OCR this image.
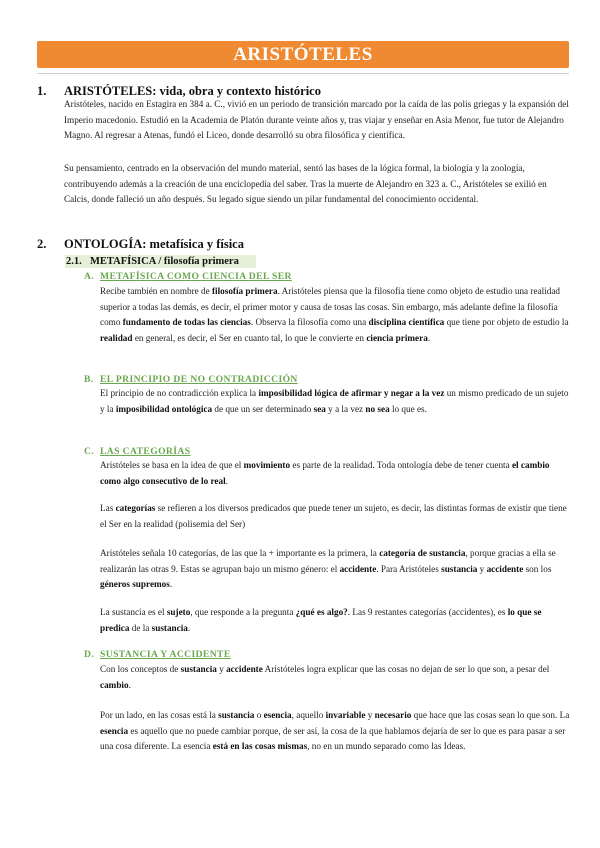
ARISTÓTELES
1. ARISTÓTELES: vida, obra y contexto histórico

Aristóteles, nacido en Estagira en 384 a. C., vivió en un periodo de transición marcado por la caída de las polis griegas y la expansión del Imperio macedonio. Estudió en la Academia de Platón durante veinte años y, tras viajar y enseñar en Asia Menor, fue tutor de Alejandro Magno. Al regresar a Atenas, fundó el Liceo, donde desarrolló su obra filosófica y científica.

Su pensamiento, centrado en la observación del mundo material, sentó las bases de la lógica formal, la biología y la zoología, contribuyendo además a la creación de una enciclopedia del saber. Tras la muerte de Alejandro en 323 a. C., Aristóteles se exilió en Calcis, donde falleció un año después. Su legado sigue siendo un pilar fundamental del conocimiento occidental.

2. ONTOLOGÍA: metafísica y física
2.1. METAFÍSICA / filosofía primera
A. METAFÍSICA COMO CIENCIA DEL SER

Recibe también en nombre de filosofía primera. Aristóteles piensa que la filosofía tiene como objeto de estudio una realidad superior a todas las demás, es decir, el primer motor y causa de tosas las cosas. Sin embargo, más adelante define la filosofía como fundamento de todas las ciencias. Observa la filosofía como una disciplina científica que tiene por objeto de estudio la realidad en general, es decir, el Ser en cuanto tal, lo que le convierte en ciencia primera.

B. EL PRINCIPIO DE NO CONTRADICCIÓN

El principio de no contradicción explica la imposibilidad lógica de afirmar y negar a la vez un mismo predicado de un sujeto y la imposibilidad ontológica de que un ser determinado sea y a la vez no sea lo que es.

C. LAS CATEGORÍAS

Aristóteles se basa en la idea de que el movimiento es parte de la realidad. Toda ontología debe de tener cuenta el cambio como algo consecutivo de lo real.

Las categorías se refieren a los diversos predicados que puede tener un sujeto, es decir, las distintas formas de existir que tiene el Ser en la realidad (polisemia del Ser)

Aristóteles señala 10 categorías, de las que la + importante es la primera, la categoría de sustancia, porque gracias a ella se realizarán las otras 9. Estas se agrupan bajo un mismo género: el accidente. Para Aristóteles sustancia y accidente son los géneros supremos.

La sustancia es el sujeto, que responde a la pregunta ¿qué es algo?. Las 9 restantes categorías (accidentes), es lo que se predica de la sustancia.

D. SUSTANCIA Y ACCIDENTE

Con los conceptos de sustancia y accidente Aristóteles logra explicar que las cosas no dejan de ser lo que son, a pesar del cambio.

Por un lado, en las cosas está la sustancia o esencia, aquello invariable y necesario que hace que las cosas sean lo que son. La esencia es aquello que no puede cambiar porque, de ser así, la cosa de la que hablamos dejaría de ser lo que es para pasar a ser una cosa diferente. La esencia está en las cosas mismas, no en un mundo separado como las Ideas.
